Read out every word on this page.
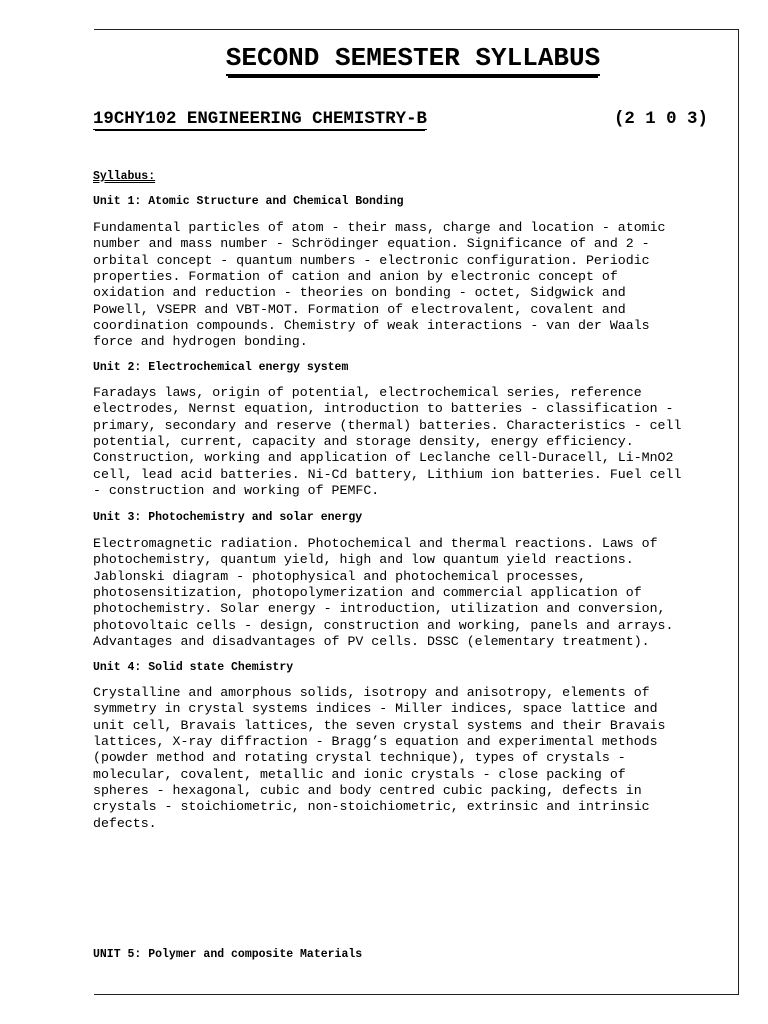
SECOND SEMESTER SYLLABUS
19CHY102 ENGINEERING CHEMISTRY-B	(2 1 0 3)
Syllabus:
Unit 1: Atomic Structure and Chemical Bonding
Fundamental particles of atom - their mass, charge and location - atomic
number and mass number - Schrödinger equation. Significance of and 2 -
orbital concept - quantum numbers - electronic configuration. Periodic
properties. Formation of cation and anion by electronic concept of
oxidation and reduction - theories on bonding - octet, Sidgwick and
Powell, VSEPR and VBT-MOT. Formation of electrovalent, covalent and
coordination compounds. Chemistry of weak interactions - van der Waals
force and hydrogen bonding.
Unit 2: Electrochemical energy system
Faradays laws, origin of potential, electrochemical series, reference
electrodes, Nernst equation, introduction to batteries - classification -
primary, secondary and reserve (thermal) batteries. Characteristics - cell
potential, current, capacity and storage density, energy efficiency.
Construction, working and application of Leclanche cell-Duracell, Li-MnO2
cell, lead acid batteries. Ni-Cd battery, Lithium ion batteries. Fuel cell
- construction and working of PEMFC.
Unit 3: Photochemistry and solar energy
Electromagnetic radiation. Photochemical and thermal reactions. Laws of
photochemistry, quantum yield, high and low quantum yield reactions.
Jablonski diagram - photophysical and photochemical processes,
photosensitization, photopolymerization and commercial application of
photochemistry. Solar energy - introduction, utilization and conversion,
photovoltaic cells - design, construction and working, panels and arrays.
Advantages and disadvantages of PV cells. DSSC (elementary treatment).
Unit 4: Solid state Chemistry
Crystalline and amorphous solids, isotropy and anisotropy, elements of
symmetry in crystal systems indices - Miller indices, space lattice and
unit cell, Bravais lattices, the seven crystal systems and their Bravais
lattices, X-ray diffraction - Bragg’s equation and experimental methods
(powder method and rotating crystal technique), types of crystals -
molecular, covalent, metallic and ionic crystals - close packing of
spheres - hexagonal, cubic and body centred cubic packing, defects in
crystals - stoichiometric, non-stoichiometric, extrinsic and intrinsic
defects.
UNIT 5: Polymer and composite Materials
